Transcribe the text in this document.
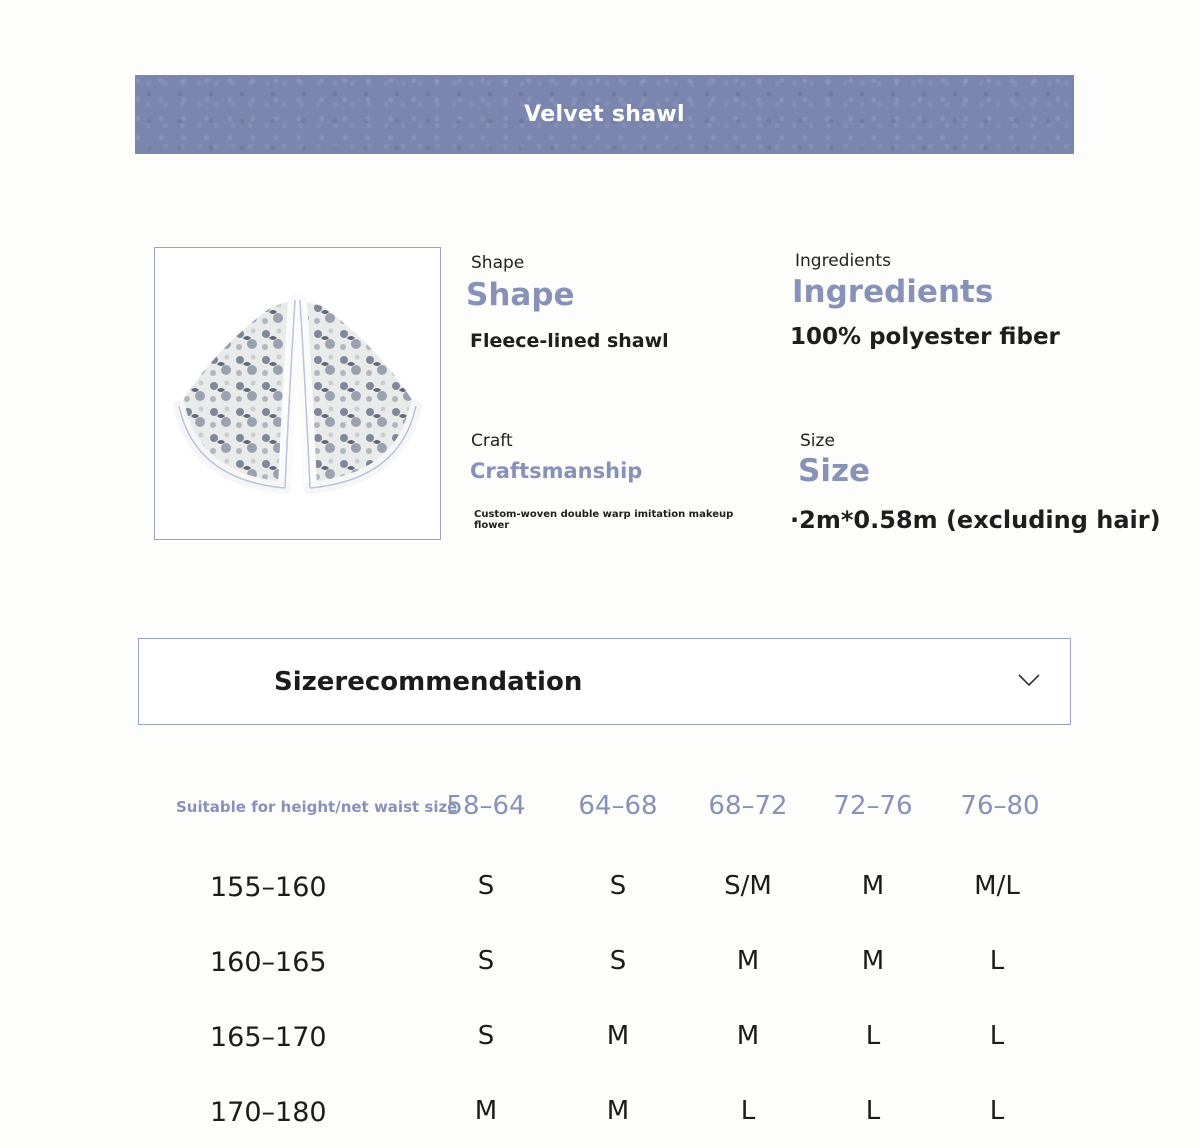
Velvet shawl
Shape
Shape
Fleece-lined shawl
Ingredients
Ingredients
100% polyester fiber
Craft
Craftsmanship
Custom-woven double warp imitation makeup flower
Size
Size
·2m*0.58m (excluding hair)
Sizerecommendation
Suitable for height/net waist size
58–64 64–68 68–72 72–76 76–80
155–160	S	S	S/M	M	M/L
160–165	S	S	M	M	L
165–170	S	M	M	L	L
170–180	M	M	L	L	L
